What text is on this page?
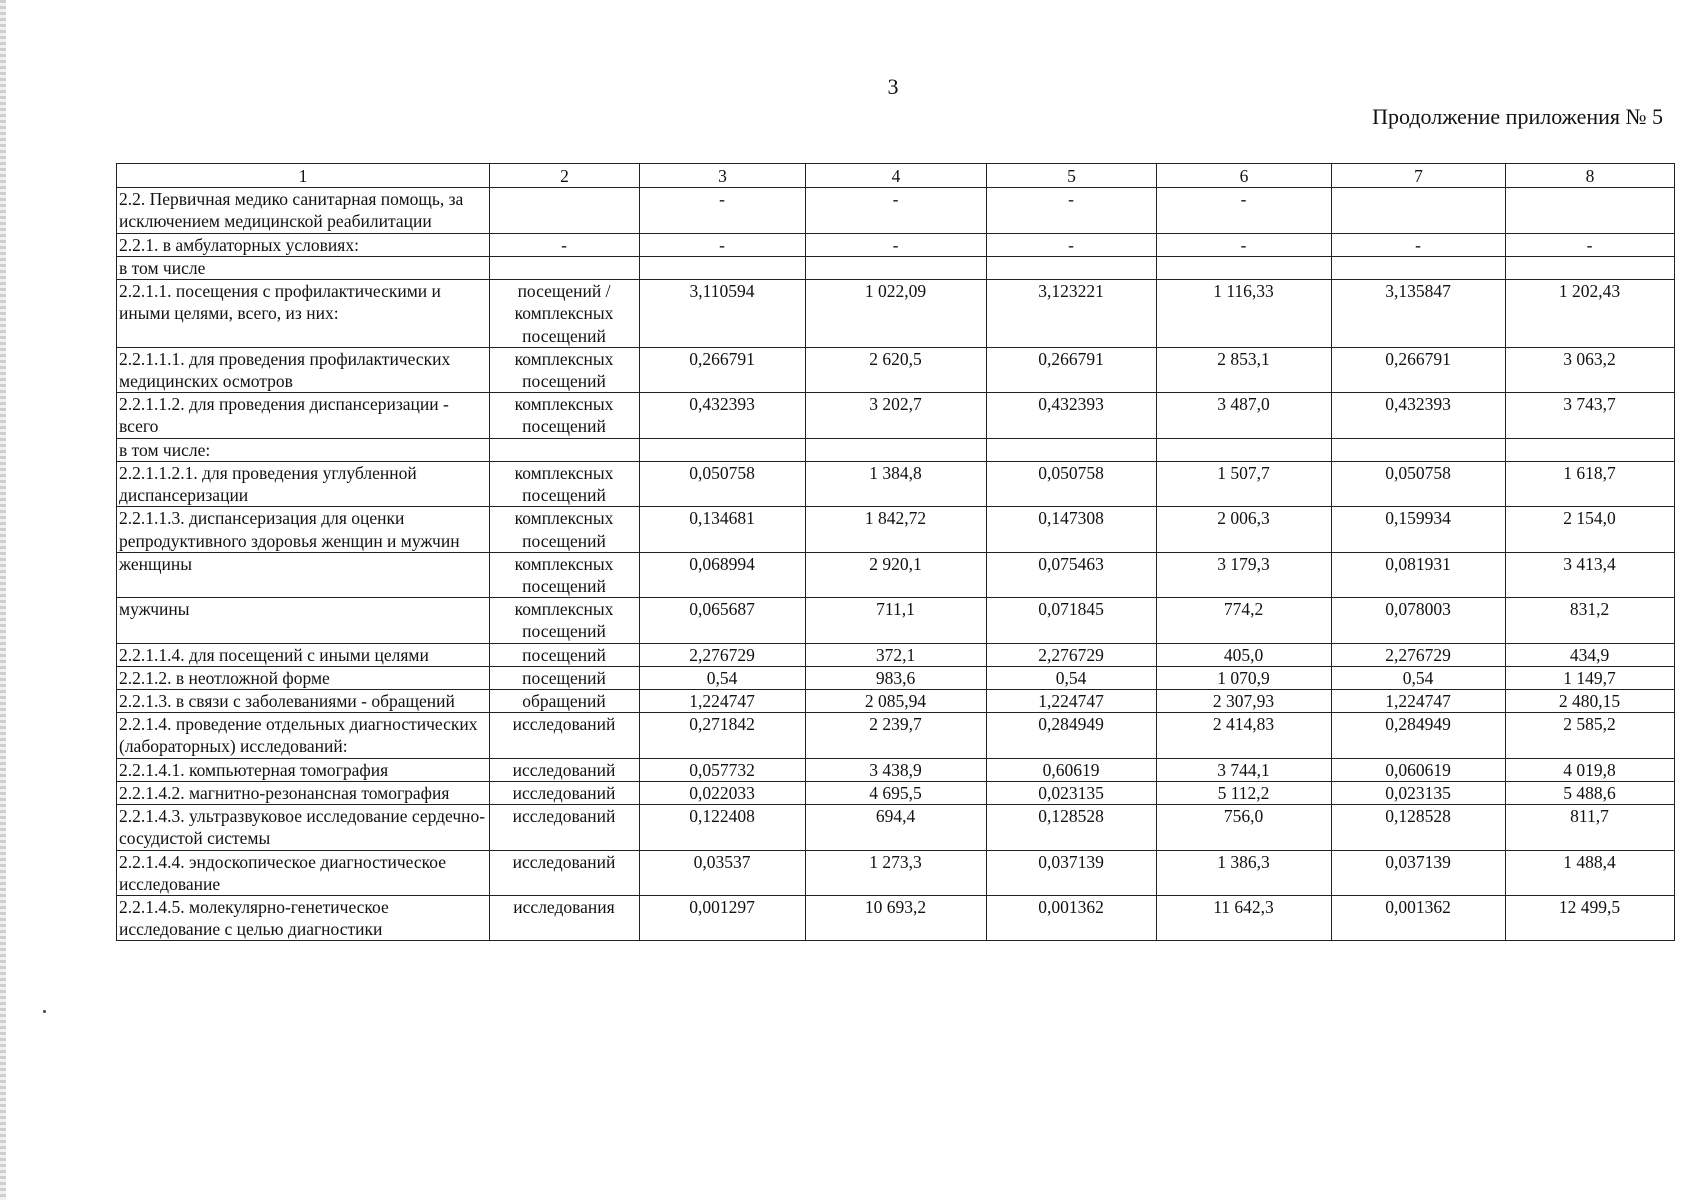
3
Продолжение приложения № 5
1	2	3	4	5	6	7	8
2.2. Первичная медико санитарная помощь, за исключением медицинской реабилитации		-	-	-	-		
2.2.1. в амбулаторных условиях:	-	-	-	-	-	-	-
в том числе							
2.2.1.1. посещения с профилактическими и иными целями, всего, из них:	посещений /комплексных посещений	3,110594	1 022,09	3,123221	1 116,33	3,135847	1 202,43
2.2.1.1.1. для проведения профилактических медицинских осмотров	комплексных посещений	0,266791	2 620,5	0,266791	2 853,1	0,266791	3 063,2
2.2.1.1.2. для проведения диспансеризации - всего	комплексных посещений	0,432393	3 202,7	0,432393	3 487,0	0,432393	3 743,7
в том числе:							
2.2.1.1.2.1. для проведения углубленной диспансеризации	комплексных посещений	0,050758	1 384,8	0,050758	1 507,7	0,050758	1 618,7
2.2.1.1.3. диспансеризация для оценки репродуктивного здоровья женщин и мужчин	комплексных посещений	0,134681	1 842,72	0,147308	2 006,3	0,159934	2 154,0
женщины	комплексных посещений	0,068994	2 920,1	0,075463	3 179,3	0,081931	3 413,4
мужчины	комплексных посещений	0,065687	711,1	0,071845	774,2	0,078003	831,2
2.2.1.1.4. для посещений с иными целями	посещений	2,276729	372,1	2,276729	405,0	2,276729	434,9
2.2.1.2. в неотложной форме	посещений	0,54	983,6	0,54	1 070,9	0,54	1 149,7
2.2.1.3. в связи с заболеваниями - обращений	обращений	1,224747	2 085,94	1,224747	2 307,93	1,224747	2 480,15
2.2.1.4. проведение отдельных диагностических (лабораторных) исследований:	исследований	0,271842	2 239,7	0,284949	2 414,83	0,284949	2 585,2
2.2.1.4.1. компьютерная томография	исследований	0,057732	3 438,9	0,60619	3 744,1	0,060619	4 019,8
2.2.1.4.2. магнитно-резонансная томография	исследований	0,022033	4 695,5	0,023135	5 112,2	0,023135	5 488,6
2.2.1.4.3. ультразвуковое исследование сердечно-сосудистой системы	исследований	0,122408	694,4	0,128528	756,0	0,128528	811,7
2.2.1.4.4. эндоскопическое диагностическое исследование	исследований	0,03537	1 273,3	0,037139	1 386,3	0,037139	1 488,4
2.2.1.4.5. молекулярно-генетическое исследование с целью диагностики	исследования	0,001297	10 693,2	0,001362	11 642,3	0,001362	12 499,5
